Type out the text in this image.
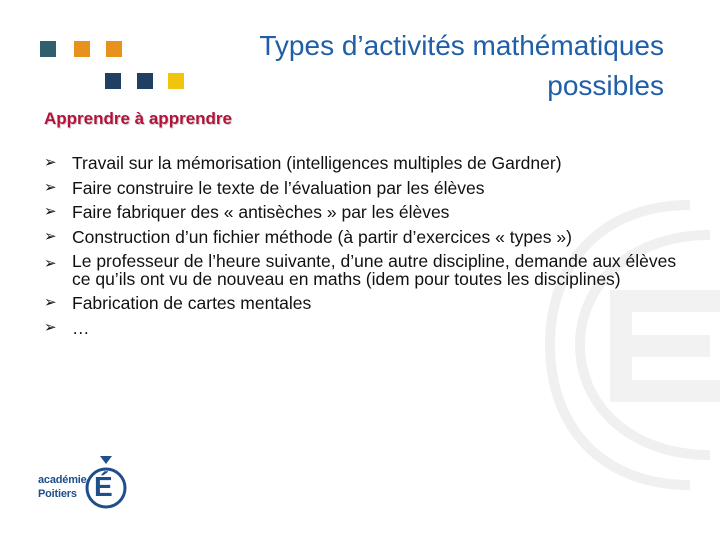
Types d’activités mathématiques possibles
Apprendre à apprendre
➢ Travail sur la mémorisation (intelligences multiples de Gardner)
➢ Faire construire le texte de l’évaluation par les élèves
➢ Faire fabriquer des « antisèches » par les élèves
➢ Construction d’un fichier méthode (à partir d’exercices « types »)
➢ Le professeur de l’heure suivante, d’une autre discipline, demande aux élèves ce qu’ils ont vu de nouveau en maths (idem pour toutes les disciplines)
➢ Fabrication de cartes mentales
➢ …
académie
Poitiers É
